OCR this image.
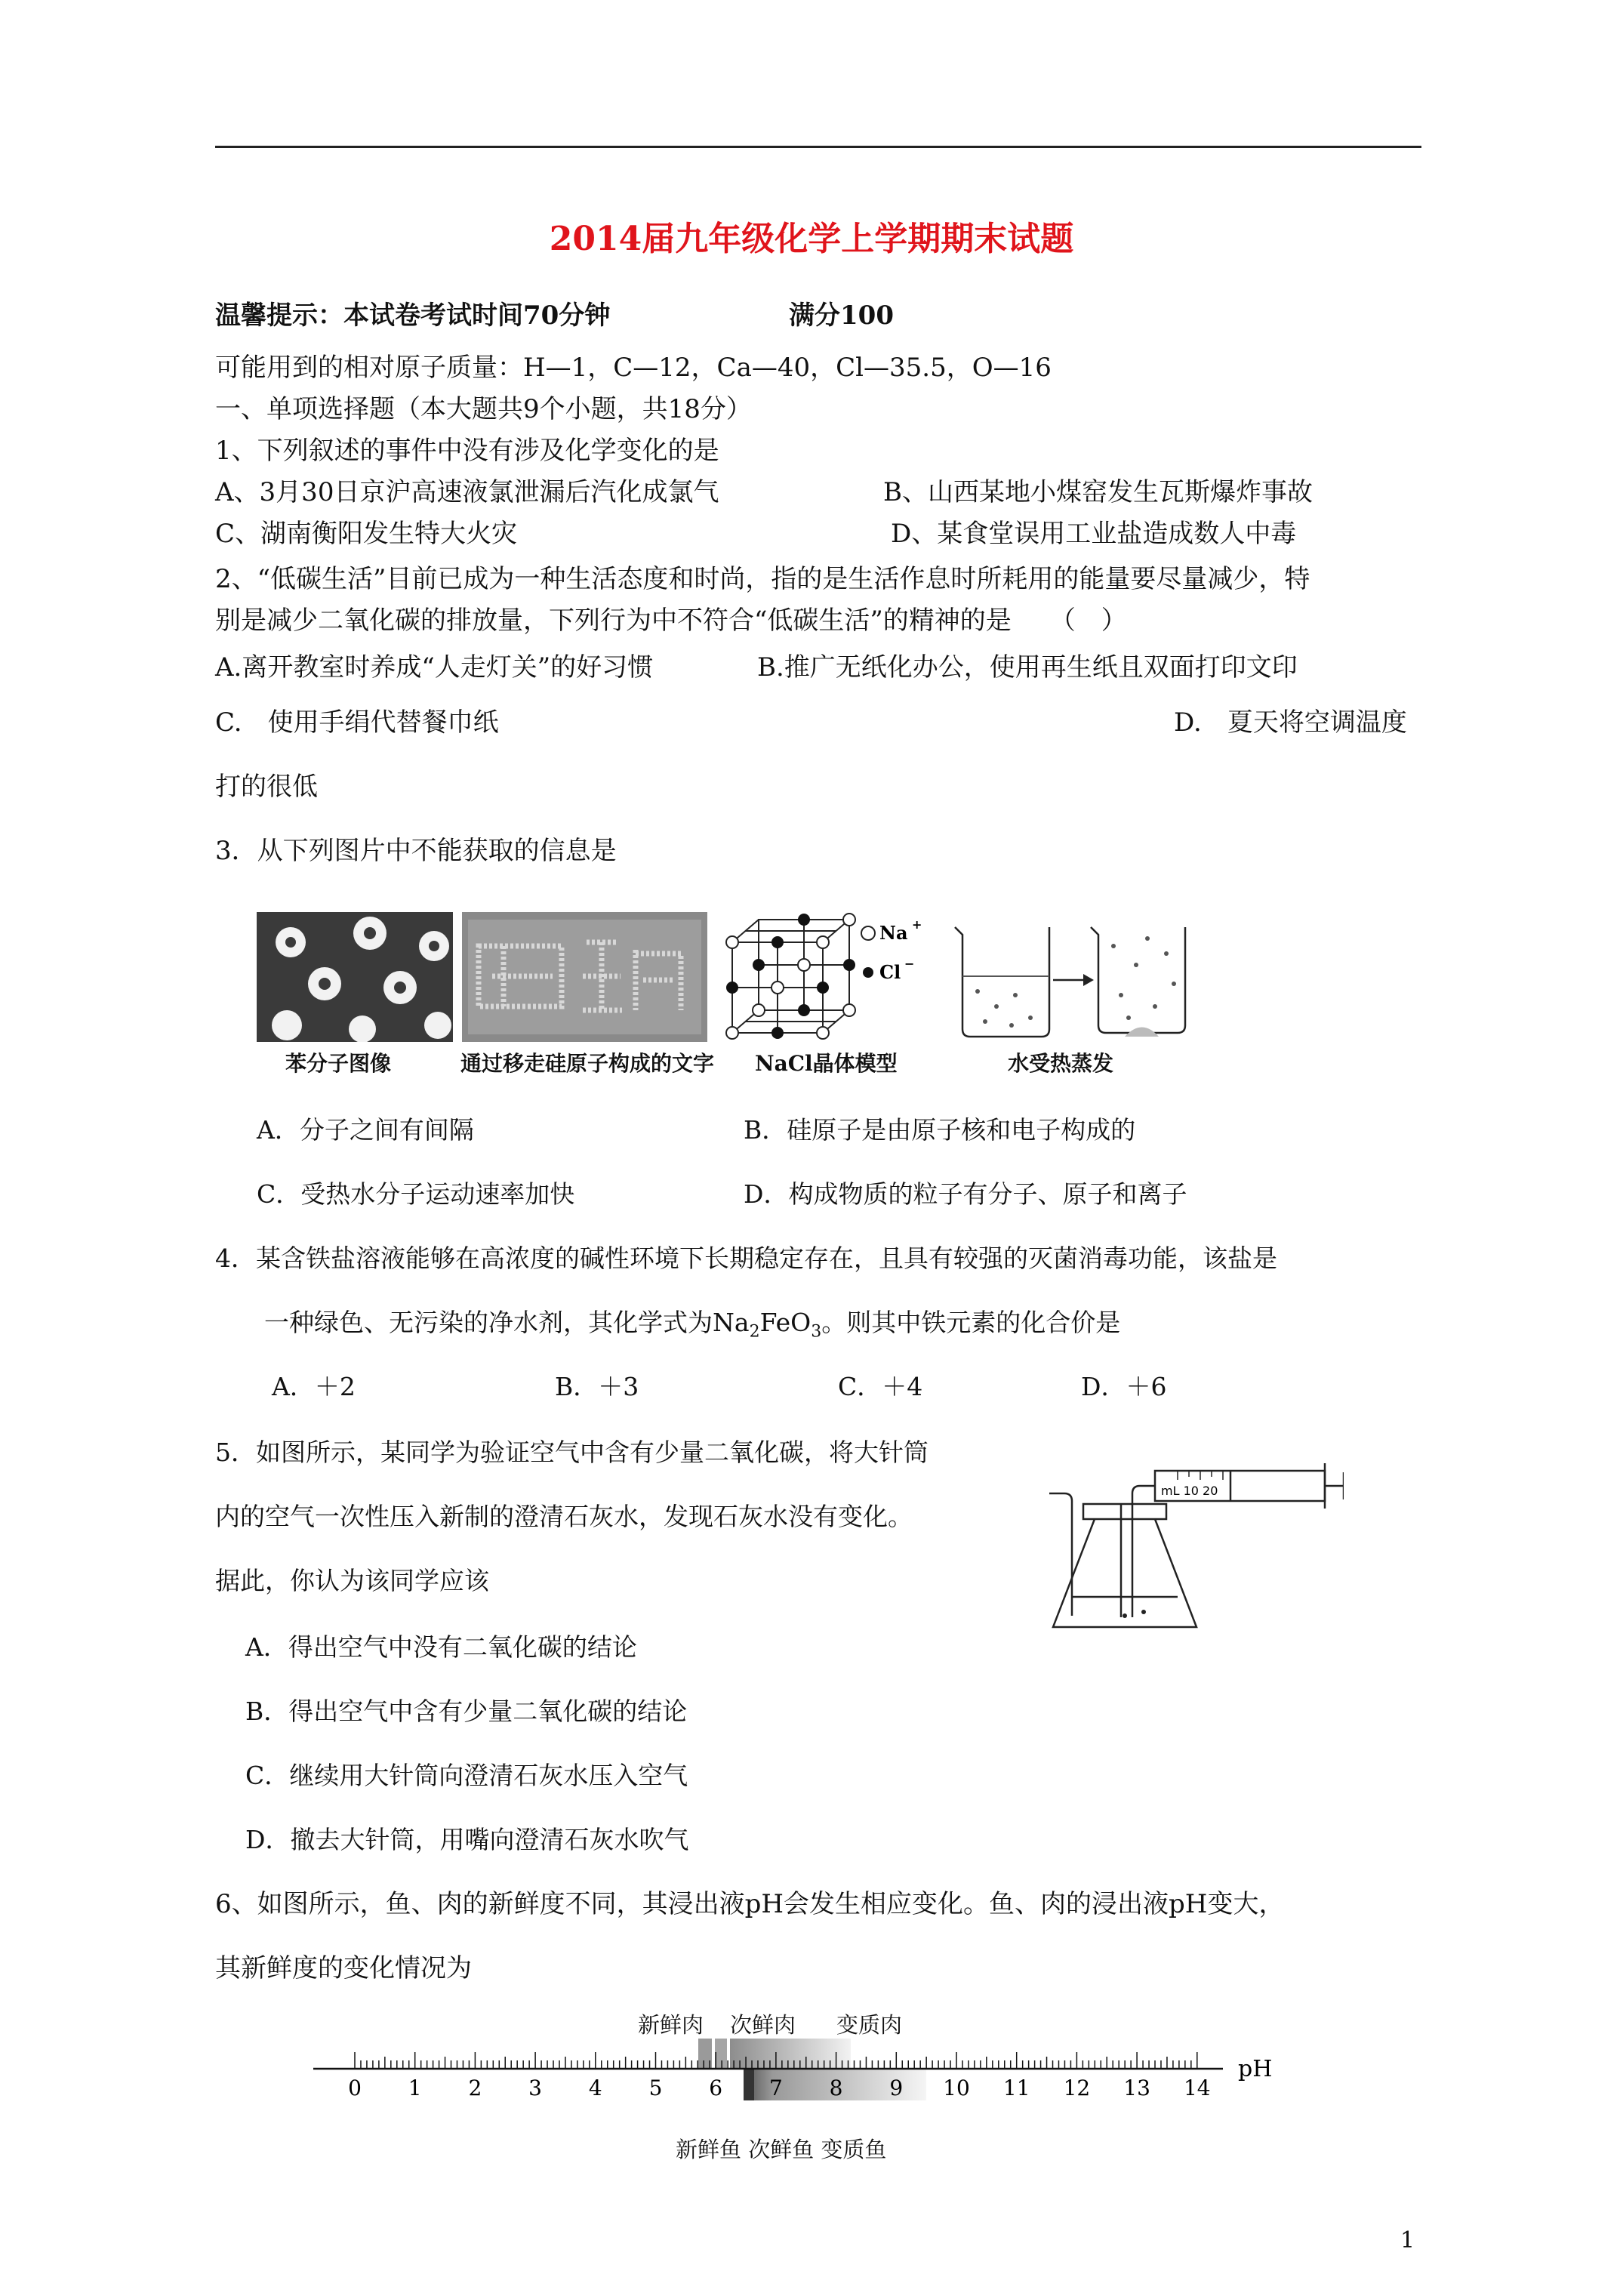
2014届九年级化学上学期期末试题
温馨提示：本试卷考试时间70分钟	满分100
可能用到的相对原子质量：H—1，C—12，Ca—40，Cl—35.5，O—16
一、单项选择题（本大题共9个小题，共18分）
1、下列叙述的事件中没有涉及化学变化的是
A、3月30日京沪高速液氯泄漏后汽化成氯气	B、山西某地小煤窑发生瓦斯爆炸事故
C、湖南衡阳发生特大火灾	D、某食堂误用工业盐造成数人中毒
2、“低碳生活”目前已成为一种生活态度和时尚，指的是生活作息时所耗用的能量要尽量减少，特
别是减少二氧化碳的排放量，下列行为中不符合“低碳生活”的精神的是　　（　）
A.离开教室时养成“人走灯关”的好习惯	B.推广无纸化办公，使用再生纸且双面打印文印
C.　使用手绢代替餐巾纸	D.　夏天将空调温度
打的很低
3．从下列图片中不能获取的信息是
Na +
Cl −
苯分子图像	通过移走硅原子构成的文字 NaCl晶体模型	水受热蒸发
A．分子之间有间隔	B．硅原子是由原子核和电子构成的
C．受热水分子运动速率加快	D．构成物质的粒子有分子、原子和离子
4．某含铁盐溶液能够在高浓度的碱性环境下长期稳定存在，且具有较强的灭菌消毒功能，该盐是
一种绿色、无污染的净水剂，其化学式为$Na_2FeO_3$。则其中铁元素的化合价是
A．＋2	B．＋3	C．＋4	D．＋6
5．如图所示，某同学为验证空气中含有少量二氧化碳，将大针筒
内的空气一次性压入新制的澄清石灰水，发现石灰水没有变化。
据此，你认为该同学应该
mL 10 20
A．得出空气中没有二氧化碳的结论
B．得出空气中含有少量二氧化碳的结论
C．继续用大针筒向澄清石灰水压入空气
D．撤去大针筒，用嘴向澄清石灰水吹气
6、如图所示，鱼、肉的新鲜度不同，其浸出液pH会发生相应变化。鱼、肉的浸出液pH变大，
其新鲜度的变化情况为
新鲜肉 次鲜肉 变质肉
0 1 2 3 4 5 6 7 8 9 10 11 12 13 14
pH
新鲜鱼 次鲜鱼 变质鱼
1
